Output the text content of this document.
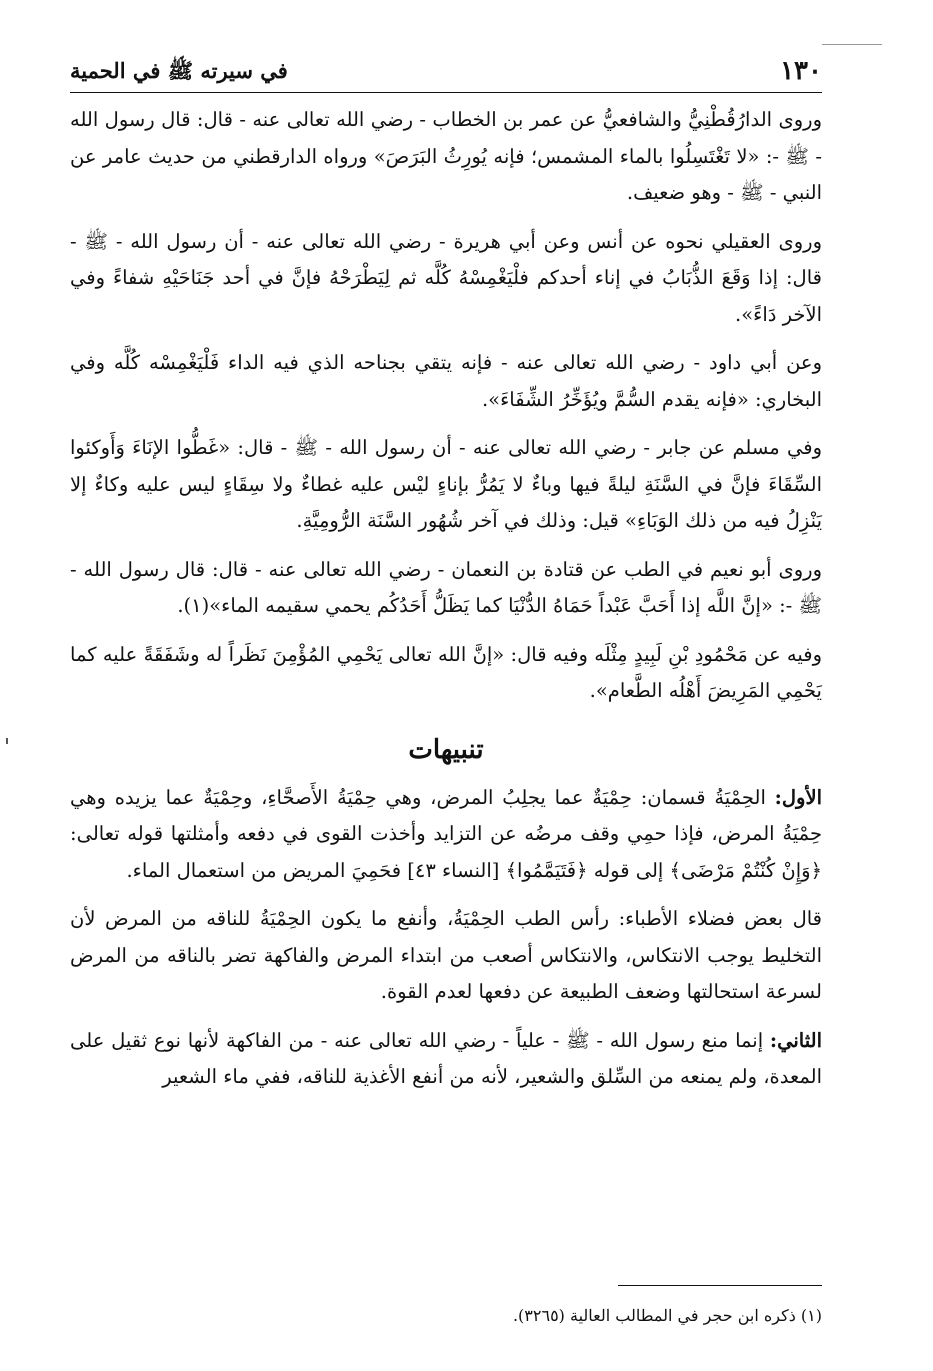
١٣٠
في سيرته ﷺ في الحمية

وروى الدارُقُطْنِيُّ والشافعيُّ عن عمر بن الخطاب - رضي الله تعالى عنه - قال: قال رسول الله - ﷺ -: «لا تَغْتَسِلُوا بالماء المشمس؛ فإنه يُورِثُ البَرَصَ» ورواه الدارقطني من حديث عامر عن النبي - ﷺ - وهو ضعيف.

وروى العقيلي نحوه عن أنس وعن أبي هريرة - رضي الله تعالى عنه - أن رسول الله - ﷺ - قال: إذا وَقَعَ الذُّبَابُ في إناء أحدكم فلْيَغْمِسْهُ كُلَّه ثم لِيَطْرَحْهُ فإنَّ في أحد جَنَاحَيْهِ شفاءً وفي الآخر دَاءً».

وعن أبي داود - رضي الله تعالى عنه - فإنه يتقي بجناحه الذي فيه الداء فَلْيَغْمِسْه كُلَّه وفي البخاري: «فإنه يقدم السُّمَّ ويُؤَخِّرُ الشِّفَاءَ».

وفي مسلم عن جابر - رضي الله تعالى عنه - أن رسول الله - ﷺ - قال: «غَطُّوا الإنَاءَ وَأَوكئوا السِّقَاءَ فإنَّ في السَّنَةِ ليلةً فيها وباءٌ لا يَمُرُّ بإناءٍ ليْس عليه غطاءٌ ولا سِقَاءٍ ليس عليه وكاءٌ إلا يَنْزِلُ فيه من ذلك الوَبَاءِ» قيل: وذلك في آخر شُهُور السَّنَة الرُّومِيَّةِ.

وروى أبو نعيم في الطب عن قتادة بن النعمان - رضي الله تعالى عنه - قال: قال رسول الله - ﷺ -: «إنَّ اللَّه إذا أَحَبَّ عَبْداً حَمَاهُ الدُّنْيَا كما يَظَلُّ أَحَدُكُم يحمي سقيمه الماء»(١).

وفيه عن مَحْمُودِ بْنِ لَبِيدٍ مِثْلَه وفيه قال: «إنَّ الله تعالى يَحْمِي المُؤْمِنَ نَظَراً له وشَفَقَةً عليه كما يَحْمِي المَرِيضَ أَهْلُه الطَّعام».

تنبيهات

الأول: الحِمْيَةُ قسمان: حِمْيَةٌ عما يجلِبُ المرض، وهي حِمْيَةُ الأَصحَّاءِ، وحِمْيَةٌ عما يزيده وهي حِمْيَةُ المرض، فإذا حمِي وقف مرضُه عن التزايد وأخذت القوى في دفعه وأمثلتها قوله تعالى: ﴿وَإِنْ كُنْتُمْ مَرْضَى﴾ إلى قوله ﴿فَتَيَمَّمُوا﴾ [النساء ٤٣] فحَمِيَ المريض من استعمال الماء.

قال بعض فضلاء الأطباء: رأس الطب الحِمْيَةُ، وأنفع ما يكون الحِمْيَةُ للناقه من المرض لأن التخليط يوجب الانتكاس، والانتكاس أصعب من ابتداء المرض والفاكهة تضر بالناقه من المرض لسرعة استحالتها وضعف الطبيعة عن دفعها لعدم القوة.

الثاني: إنما منع رسول الله - ﷺ - علياً - رضي الله تعالى عنه - من الفاكهة لأنها نوع ثقيل على المعدة، ولم يمنعه من السِّلق والشعير، لأنه من أنفع الأغذية للناقه، ففي ماء الشعير

(١) ذكره ابن حجر في المطالب العالية (٣٢٦٥).
